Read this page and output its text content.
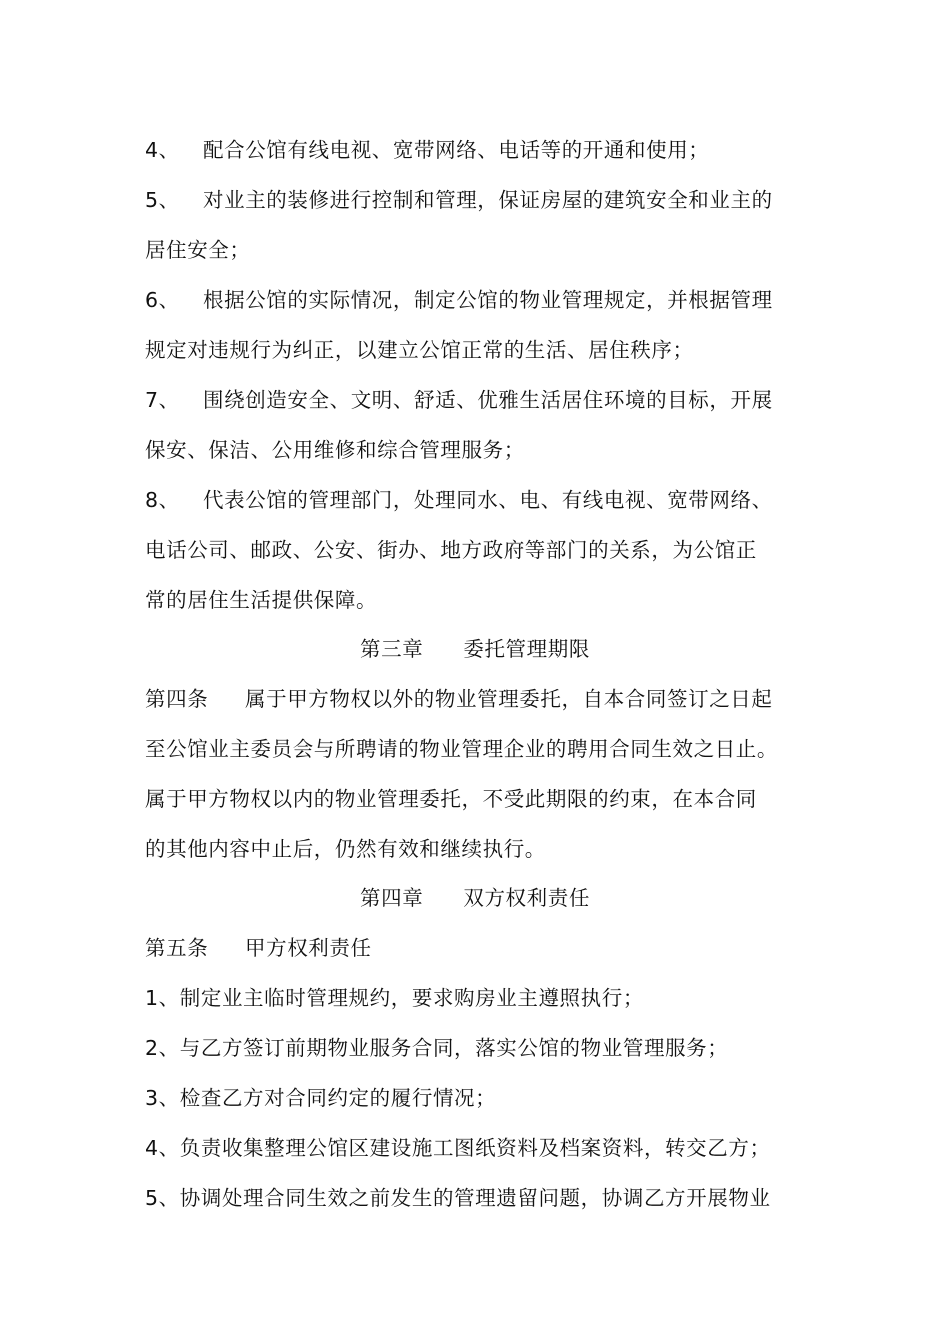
4、 配合公馆有线电视、宽带网络、电话等的开通和使用；
5、 对业主的装修进行控制和管理，保证房屋的建筑安全和业主的
居住安全；
6、 根据公馆的实际情况，制定公馆的物业管理规定，并根据管理
规定对违规行为纠正，以建立公馆正常的生活、居住秩序；
7、 围绕创造安全、文明、舒适、优雅生活居住环境的目标，开展
保安、保洁、公用维修和综合管理服务；
8、 代表公馆的管理部门，处理同水、电、有线电视、宽带网络、
电话公司、邮政、公安、街办、地方政府等部门的关系，为公馆正
常的居住生活提供保障。
第三章 委托管理期限
第四条 属于甲方物权以外的物业管理委托，自本合同签订之日起
至公馆业主委员会与所聘请的物业管理企业的聘用合同生效之日止。
属于甲方物权以内的物业管理委托，不受此期限的约束，在本合同
的其他内容中止后，仍然有效和继续执行。
第四章 双方权利责任
第五条 甲方权利责任
1、制定业主临时管理规约，要求购房业主遵照执行；
2、与乙方签订前期物业服务合同，落实公馆的物业管理服务；
3、检查乙方对合同约定的履行情况；
4、负责收集整理公馆区建设施工图纸资料及档案资料，转交乙方；
5、协调处理合同生效之前发生的管理遗留问题，协调乙方开展物业
